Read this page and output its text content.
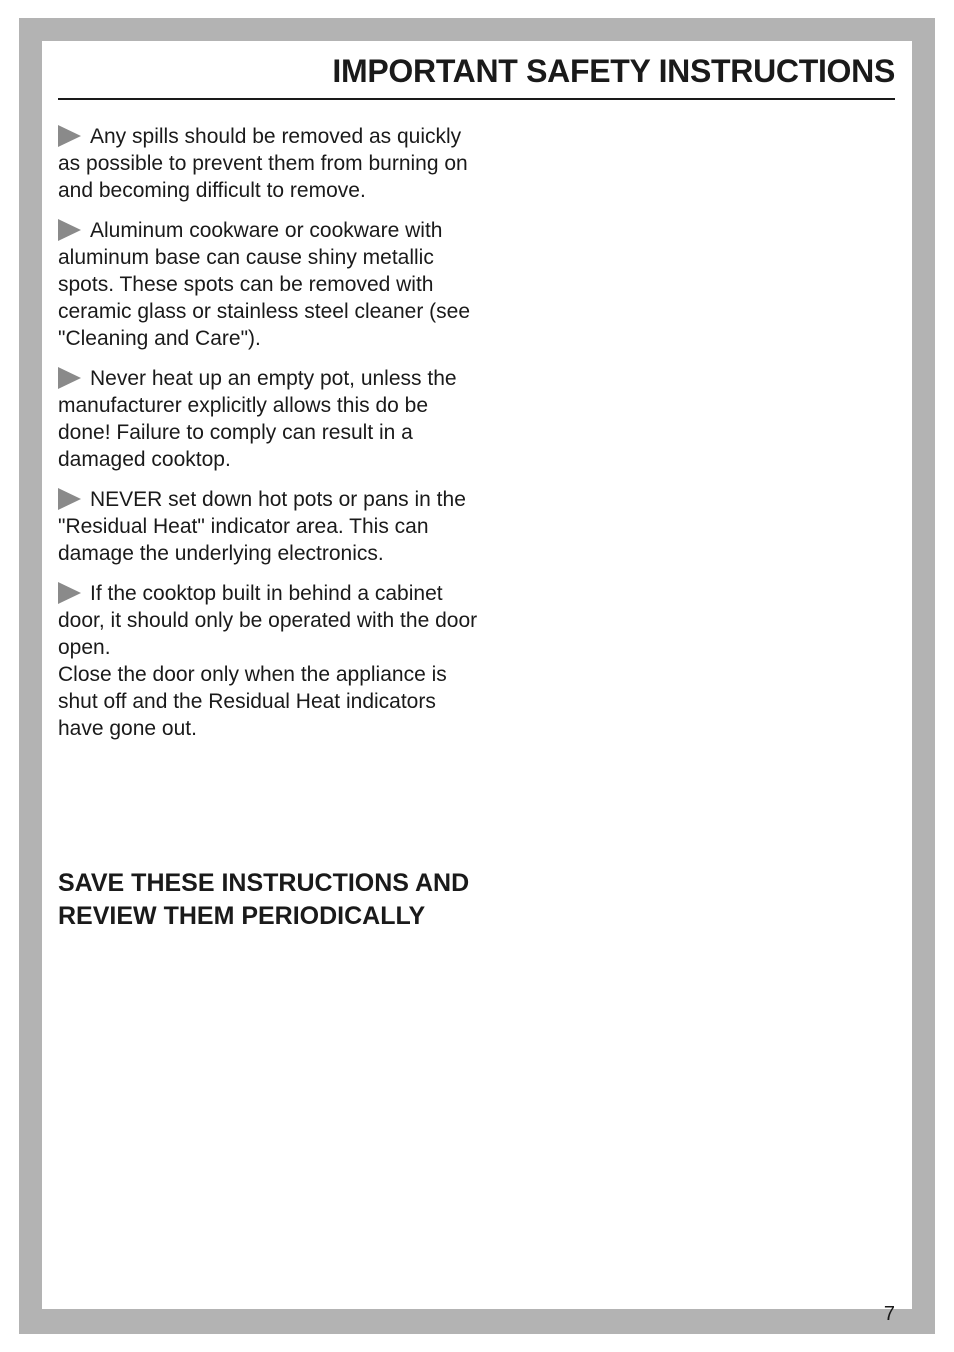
IMPORTANT SAFETY INSTRUCTIONS

Any spills should be removed as quickly as possible to prevent them from burning on and becoming difficult to remove.

Aluminum cookware or cookware with aluminum base can cause shiny metallic spots. These spots can be removed with ceramic glass or stainless steel cleaner (see "Cleaning and Care").

Never heat up an empty pot, unless the manufacturer explicitly allows this do be done! Failure to comply can result in a damaged cooktop.

NEVER set down hot pots or pans in the "Residual Heat" indicator area. This can damage the underlying electronics.

If the cooktop built in behind a cabinet door, it should only be operated with the door open.

Close the door only when the appliance is shut off and the Residual Heat indicators have gone out.

SAVE THESE INSTRUCTIONS AND REVIEW THEM PERIODICALLY
7
